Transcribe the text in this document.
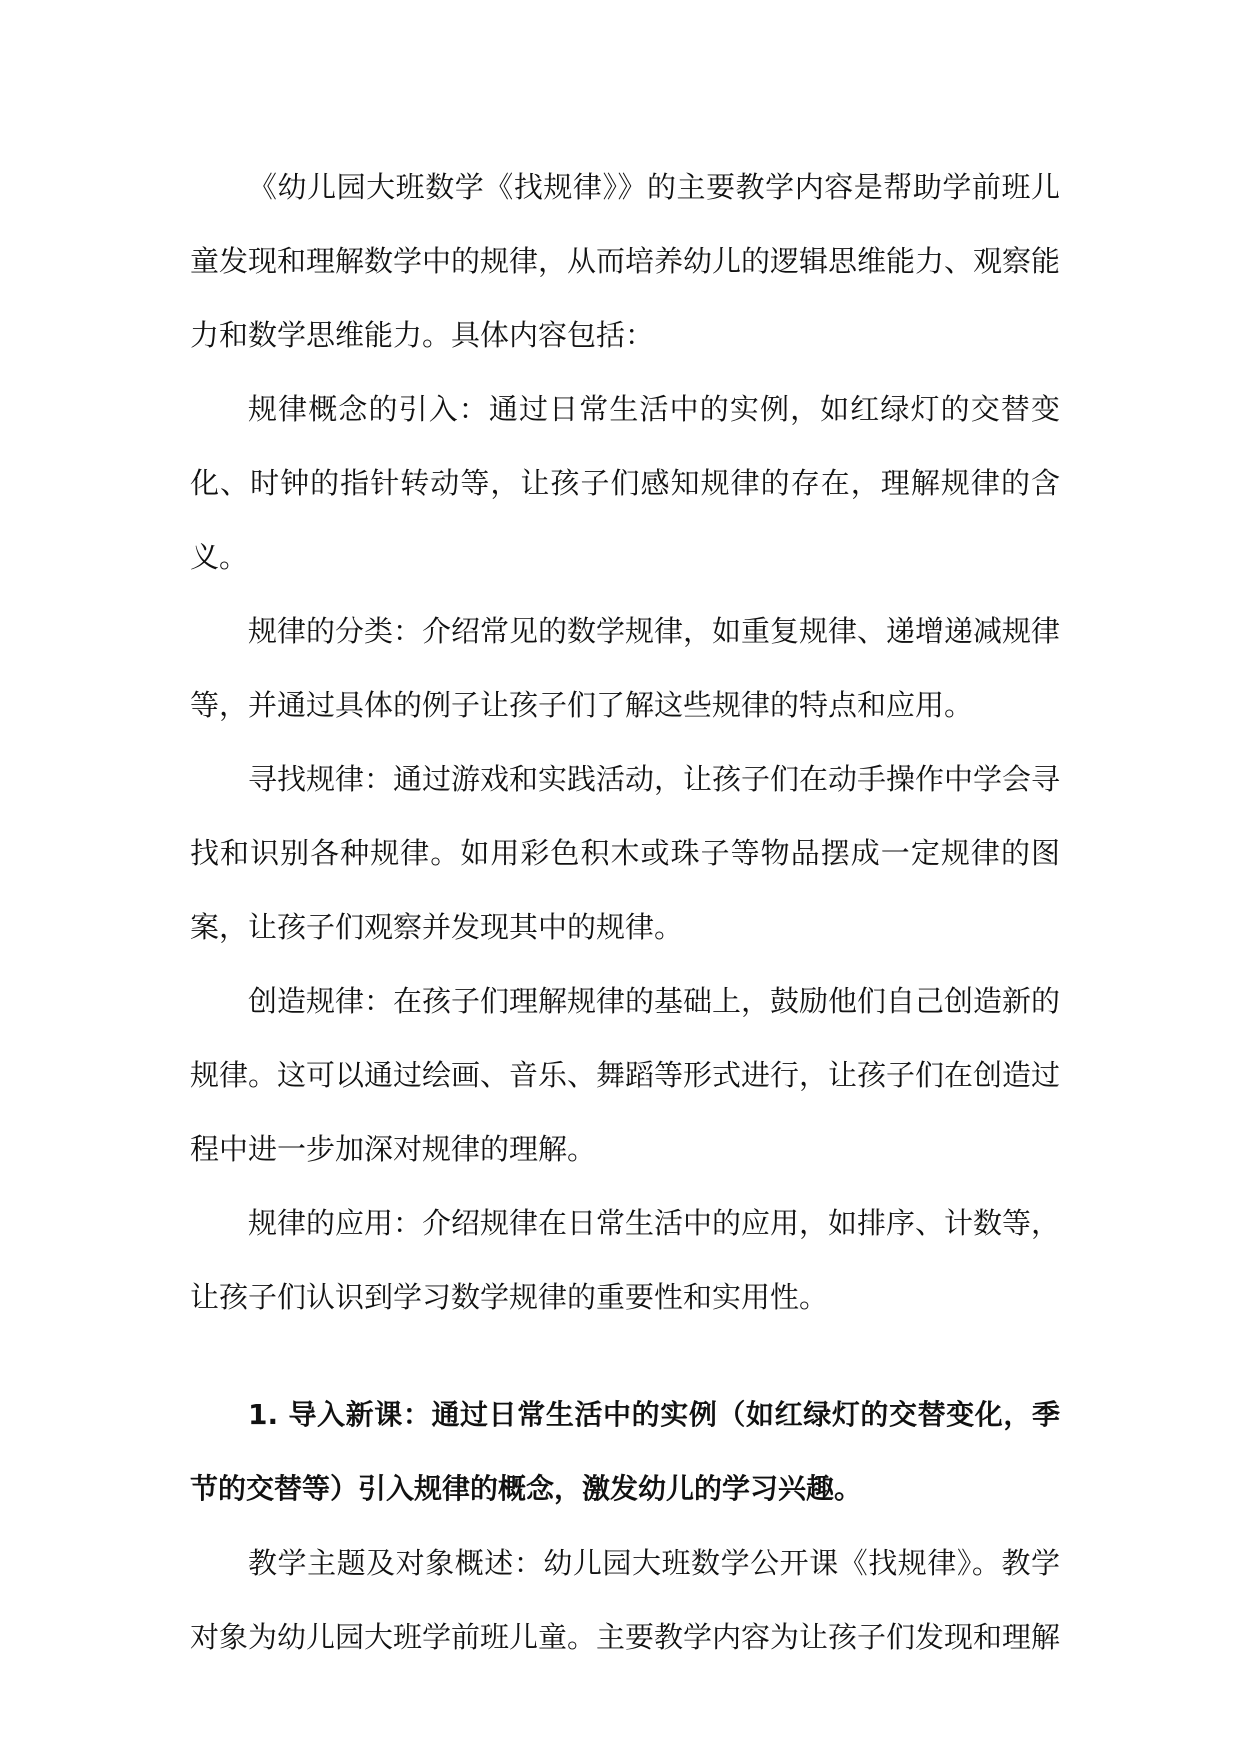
《幼儿园大班数学《找规律》》的主要教学内容是帮助学前班儿童发现和理解数学中的规律，从而培养幼儿的逻辑思维能力、观察能力和数学思维能力。具体内容包括：

规律概念的引入：通过日常生活中的实例，如红绿灯的交替变化、时钟的指针转动等，让孩子们感知规律的存在，理解规律的含义。

规律的分类：介绍常见的数学规律，如重复规律、递增递减规律等，并通过具体的例子让孩子们了解这些规律的特点和应用。

寻找规律：通过游戏和实践活动，让孩子们在动手操作中学会寻找和识别各种规律。如用彩色积木或珠子等物品摆成一定规律的图案，让孩子们观察并发现其中的规律。

创造规律：在孩子们理解规律的基础上，鼓励他们自己创造新的规律。这可以通过绘画、音乐、舞蹈等形式进行，让孩子们在创造过程中进一步加深对规律的理解。

规律的应用：介绍规律在日常生活中的应用，如排序、计数等，让孩子们认识到学习数学规律的重要性和实用性。

1. 导入新课：通过日常生活中的实例（如红绿灯的交替变化，季节的交替等）引入规律的概念，激发幼儿的学习兴趣。

教学主题及对象概述：幼儿园大班数学公开课《找规律》。教学对象为幼儿园大班学前班儿童。主要教学内容为让孩子们发现和理解
